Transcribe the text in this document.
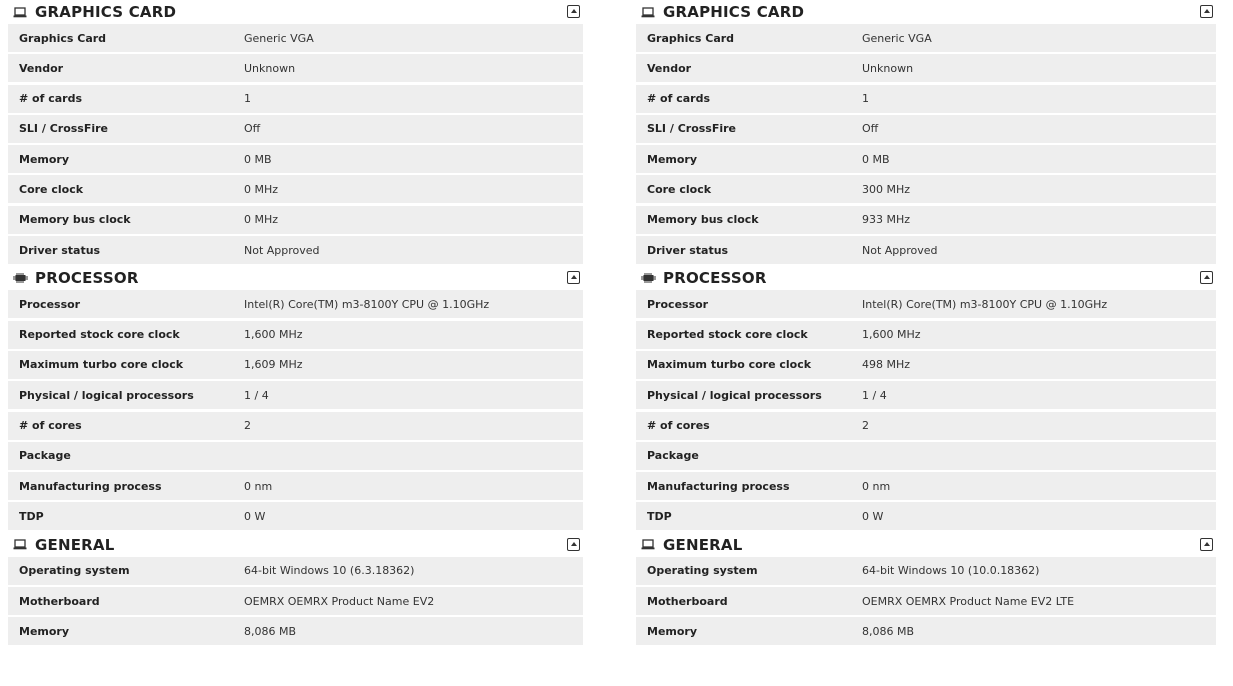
GRAPHICS CARD
Graphics Card	Generic VGA
Vendor	Unknown
# of cards	1
SLI / CrossFire	Off
Memory	0 MB
Core clock	0 MHz
Memory bus clock	0 MHz
Driver status	Not Approved
PROCESSOR
Processor	Intel(R) Core(TM) m3-8100Y CPU @ 1.10GHz
Reported stock core clock	1,600 MHz
Maximum turbo core clock	1,609 MHz
Physical / logical processors	1 / 4
# of cores	2
Package
Manufacturing process	0 nm
TDP	0 W
GENERAL
Operating system	64-bit Windows 10 (6.3.18362)
Motherboard	OEMRX OEMRX Product Name EV2
Memory	8,086 MB
GRAPHICS CARD
Graphics Card	Generic VGA
Vendor	Unknown
# of cards	1
SLI / CrossFire	Off
Memory	0 MB
Core clock	300 MHz
Memory bus clock	933 MHz
Driver status	Not Approved
PROCESSOR
Processor	Intel(R) Core(TM) m3-8100Y CPU @ 1.10GHz
Reported stock core clock	1,600 MHz
Maximum turbo core clock	498 MHz
Physical / logical processors	1 / 4
# of cores	2
Package
Manufacturing process	0 nm
TDP	0 W
GENERAL
Operating system	64-bit Windows 10 (10.0.18362)
Motherboard	OEMRX OEMRX Product Name EV2 LTE
Memory	8,086 MB
